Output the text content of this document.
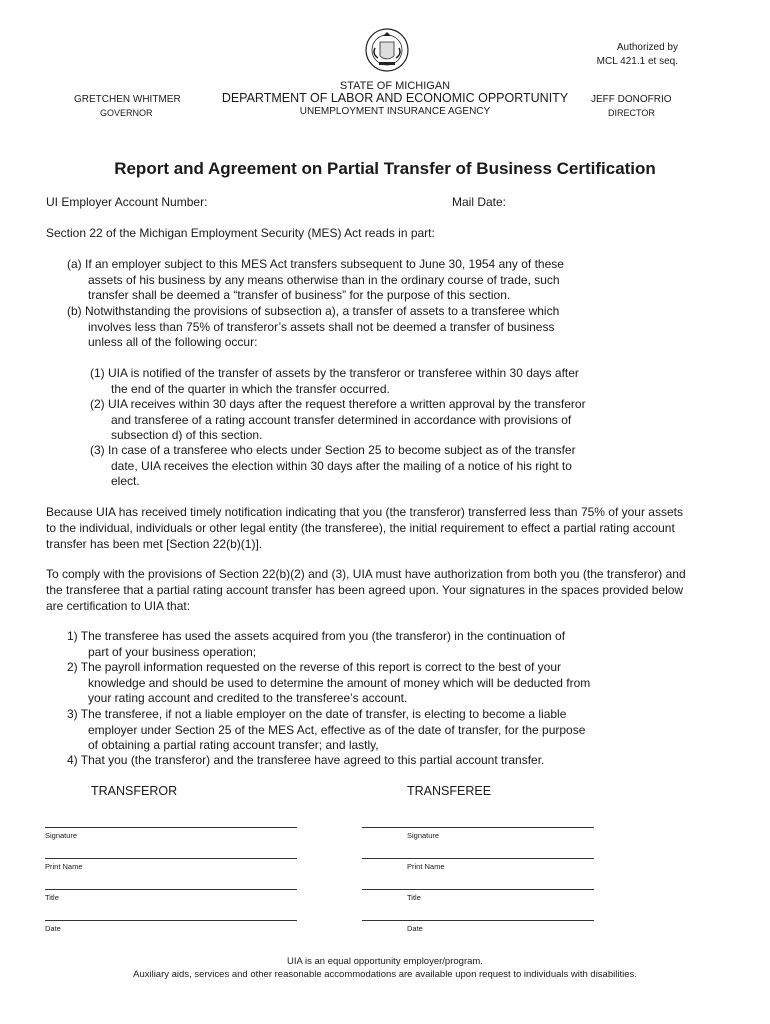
Authorized by
MCL 421.1 et seq.
GRETCHEN WHITMER
GOVERNOR
STATE OF MICHIGAN
DEPARTMENT OF LABOR AND ECONOMIC OPPORTUNITY
UNEMPLOYMENT INSURANCE AGENCY
JEFF DONOFRIO
DIRECTOR
Report and Agreement on Partial Transfer of Business Certification
UI Employer Account Number:	Mail Date:
Section 22 of the Michigan Employment Security (MES) Act reads in part:
(a) If an employer subject to this MES Act transfers subsequent to June 30, 1954 any of these
assets of his business by any means otherwise than in the ordinary course of trade, such
transfer shall be deemed a “transfer of business” for the purpose of this section.
(b) Notwithstanding the provisions of subsection a), a transfer of assets to a transferee which
involves less than 75% of transferor’s assets shall not be deemed a transfer of business
unless all of the following occur:
(1) UIA is notified of the transfer of assets by the transferor or transferee within 30 days after
the end of the quarter in which the transfer occurred.
(2) UIA receives within 30 days after the request therefore a written approval by the transferor
and transferee of a rating account transfer determined in accordance with provisions of
subsection d) of this section.
(3) In case of a transferee who elects under Section 25 to become subject as of the transfer
date, UIA receives the election within 30 days after the mailing of a notice of his right to
elect.
Because UIA has received timely notification indicating that you (the transferor) transferred less than 75% of your assets
to the individual, individuals or other legal entity (the transferee), the initial requirement to effect a partial rating account
transfer has been met [Section 22(b)(1)].
To comply with the provisions of Section 22(b)(2) and (3), UIA must have authorization from both you (the transferor) and
the transferee that a partial rating account transfer has been agreed upon. Your signatures in the spaces provided below
are certification to UIA that:
1) The transferee has used the assets acquired from you (the transferor) in the continuation of
part of your business operation;
2) The payroll information requested on the reverse of this report is correct to the best of your
knowledge and should be used to determine the amount of money which will be deducted from
your rating account and credited to the transferee’s account.
3) The transferee, if not a liable employer on the date of transfer, is electing to become a liable
employer under Section 25 of the MES Act, effective as of the date of transfer, for the purpose
of obtaining a partial rating account transfer; and lastly,
4) That you (the transferor) and the transferee have agreed to this partial account transfer.
TRANSFEROR	TRANSFEREE
Signature
Print Name
Title
Date
Signature
Print Name
Title
Date
UIA is an equal opportunity employer/program.
Auxiliary aids, services and other reasonable accommodations are available upon request to individuals with disabilities.
